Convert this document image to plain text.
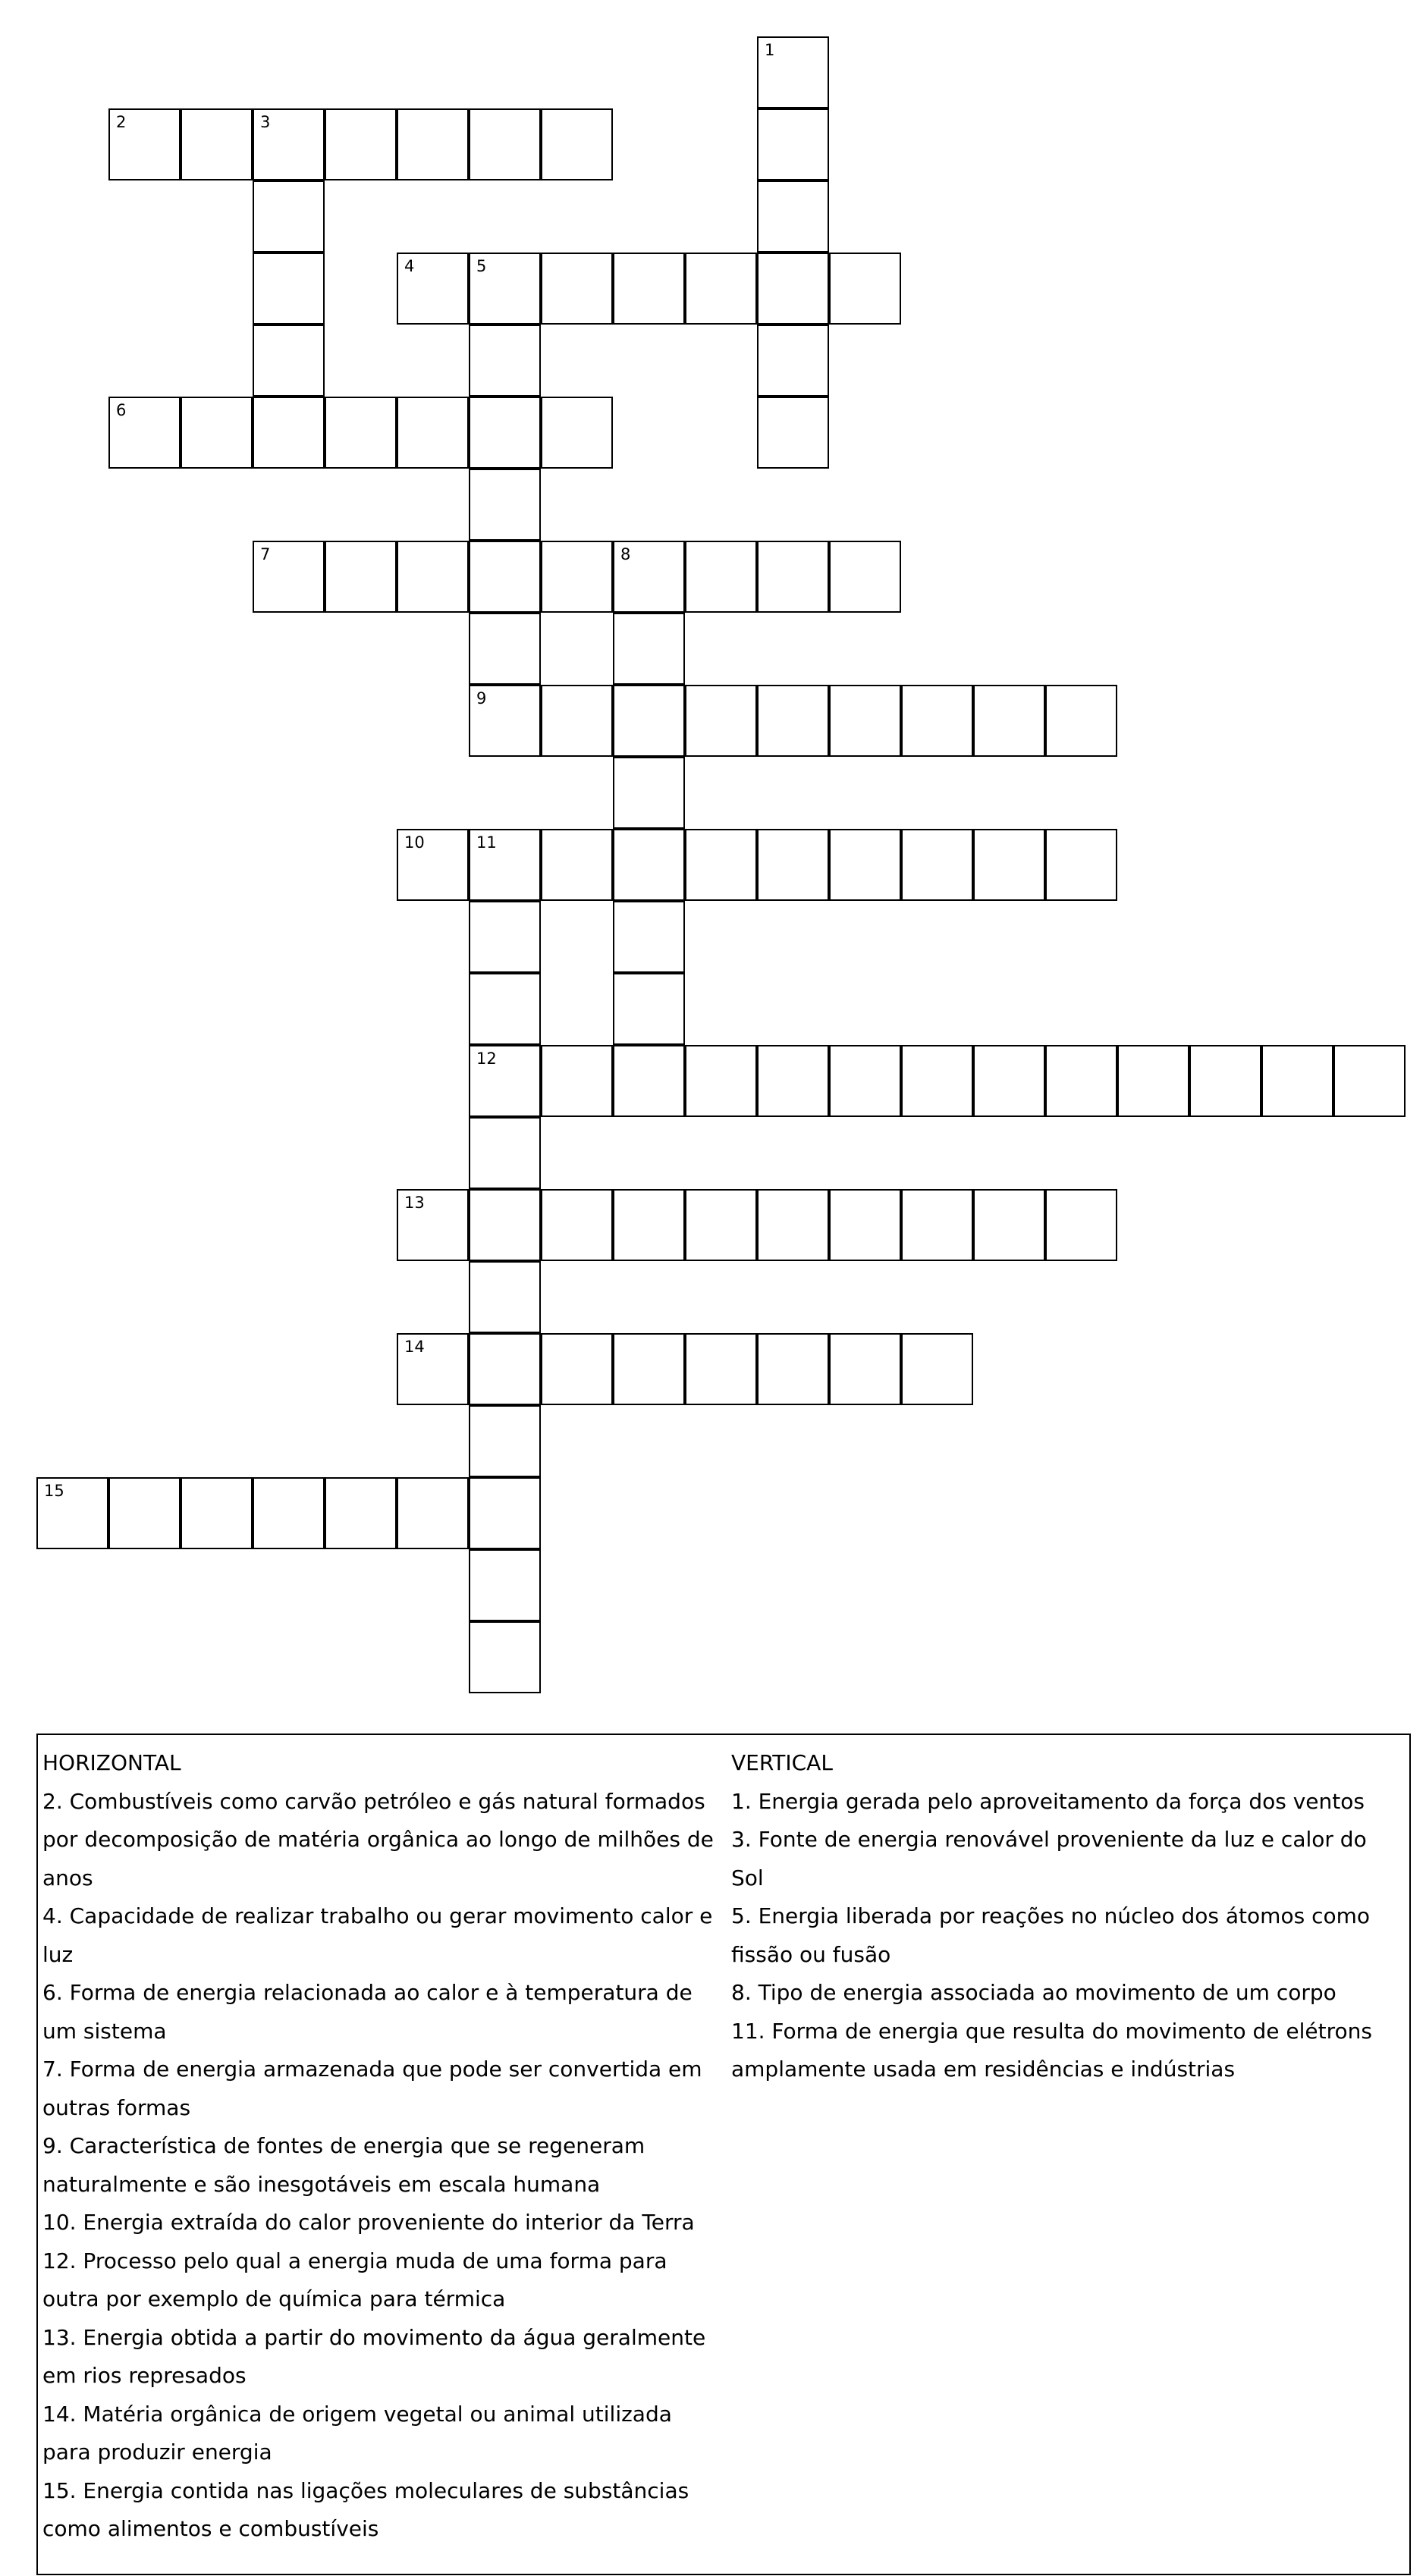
1
2	3
4	5
9
6
7	8
10	11
12
13
14
15
HORIZONTAL
2. Combustíveis como carvão petróleo e gás natural formados por decomposição de matéria orgânica ao longo de milhões de anos
4. Capacidade de realizar trabalho ou gerar movimento calor e luz
6. Forma de energia relacionada ao calor e à temperatura de um sistema
7. Forma de energia armazenada que pode ser convertida em outras formas
9. Característica de fontes de energia que se regeneram naturalmente e são inesgotáveis em escala humana
10. Energia extraída do calor proveniente do interior da Terra
12. Processo pelo qual a energia muda de uma forma para outra por exemplo de química para térmica
13. Energia obtida a partir do movimento da água geralmente em rios represados
14. Matéria orgânica de origem vegetal ou animal utilizada para produzir energia
15. Energia contida nas ligações moleculares de substâncias como alimentos e combustíveis
VERTICAL
1. Energia gerada pelo aproveitamento da força dos ventos
3. Fonte de energia renovável proveniente da luz e calor do Sol
5. Energia liberada por reações no núcleo dos átomos como fissão ou fusão
8. Tipo de energia associada ao movimento de um corpo
11. Forma de energia que resulta do movimento de elétrons amplamente usada em residências e indústrias
